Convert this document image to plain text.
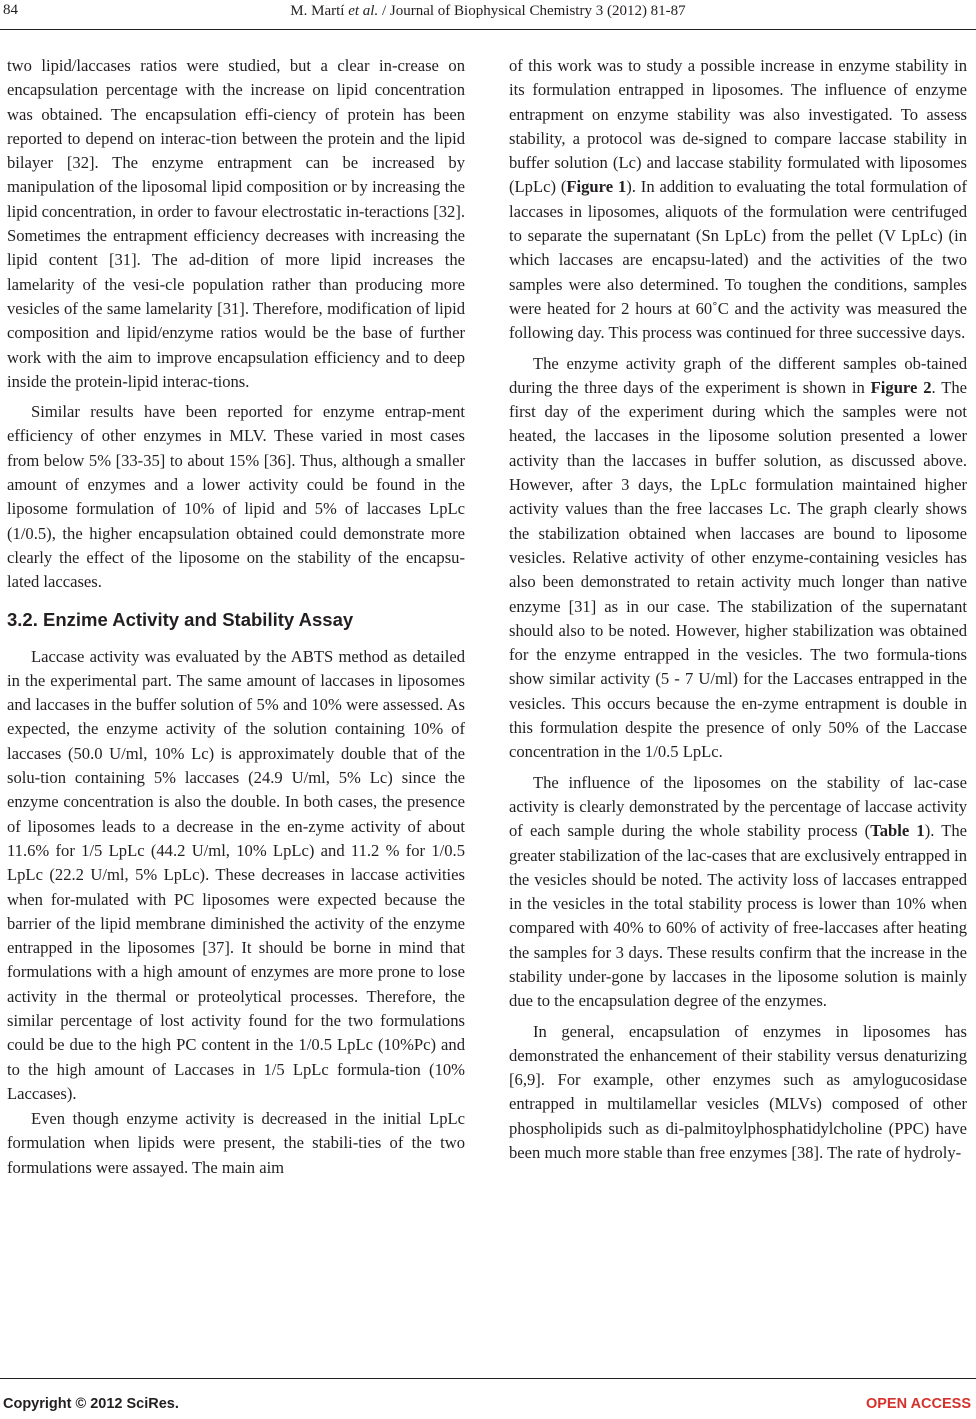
84	M. Martí et al. / Journal of Biophysical Chemistry 3 (2012) 81-87

two lipid/laccases ratios were studied, but a clear in-crease on encapsulation percentage with the increase on lipid concentration was obtained. The encapsulation effi-ciency of protein has been reported to depend on interac-tion between the protein and the lipid bilayer [32]. The enzyme entrapment can be increased by manipulation of the liposomal lipid composition or by increasing the lipid concentration, in order to favour electrostatic in-teractions [32]. Sometimes the entrapment efficiency decreases with increasing the lipid content [31]. The ad-dition of more lipid increases the lamelarity of the vesi-cle population rather than producing more vesicles of the same lamelarity [31]. Therefore, modification of lipid composition and lipid/enzyme ratios would be the base of further work with the aim to improve encapsulation efficiency and to deep inside the protein-lipid interac-tions.

Similar results have been reported for enzyme entrap-ment efficiency of other enzymes in MLV. These varied in most cases from below 5% [33-35] to about 15% [36]. Thus, although a smaller amount of enzymes and a lower activity could be found in the liposome formulation of 10% of lipid and 5% of laccases LpLc (1/0.5), the higher encapsulation obtained could demonstrate more clearly the effect of the liposome on the stability of the encapsu-lated laccases.

3.2. Enzime Activity and Stability Assay

Laccase activity was evaluated by the ABTS method as detailed in the experimental part. The same amount of laccases in liposomes and laccases in the buffer solution of 5% and 10% were assessed. As expected, the enzyme activity of the solution containing 10% of laccases (50.0 U/ml, 10% Lc) is approximately double that of the solu-tion containing 5% laccases (24.9 U/ml, 5% Lc) since the enzyme concentration is also the double. In both cases, the presence of liposomes leads to a decrease in the en-zyme activity of about 11.6% for 1/5 LpLc (44.2 U/ml, 10% LpLc) and 11.2 % for 1/0.5 LpLc (22.2 U/ml, 5% LpLc). These decreases in laccase activities when for-mulated with PC liposomes were expected because the barrier of the lipid membrane diminished the activity of the enzyme entrapped in the liposomes [37]. It should be borne in mind that formulations with a high amount of enzymes are more prone to lose activity in the thermal or proteolytical processes. Therefore, the similar percentage of lost activity found for the two formulations could be due to the high PC content in the 1/0.5 LpLc (10%Pc) and to the high amount of Laccases in 1/5 LpLc formula-tion (10% Laccases).

Even though enzyme activity is decreased in the initial LpLc formulation when lipids were present, the stabili-ties of the two formulations were assayed. The main aim

of this work was to study a possible increase in enzyme stability in its formulation entrapped in liposomes. The influence of enzyme entrapment on enzyme stability was also investigated. To assess stability, a protocol was de-signed to compare laccase stability in buffer solution (Lc) and laccase stability formulated with liposomes (LpLc) (Figure 1). In addition to evaluating the total formulation of laccases in liposomes, aliquots of the formulation were centrifuged to separate the supernatant (Sn LpLc) from the pellet (V LpLc) (in which laccases are encapsu-lated) and the activities of the two samples were also determined. To toughen the conditions, samples were heated for 2 hours at 60˚C and the activity was measured the following day. This process was continued for three successive days.

The enzyme activity graph of the different samples ob-tained during the three days of the experiment is shown in Figure 2. The first day of the experiment during which the samples were not heated, the laccases in the liposome solution presented a lower activity than the laccases in buffer solution, as discussed above. However, after 3 days, the LpLc formulation maintained higher activity values than the free laccases Lc. The graph clearly shows the stabilization obtained when laccases are bound to liposome vesicles. Relative activity of other enzyme-containing vesicles has also been demonstrated to retain activity much longer than native enzyme [31] as in our case. The stabilization of the supernatant should also to be noted. However, higher stabilization was obtained for the enzyme entrapped in the vesicles. The two formula-tions show similar activity (5 - 7 U/ml) for the Laccases entrapped in the vesicles. This occurs because the en-zyme entrapment is double in this formulation despite the presence of only 50% of the Laccase concentration in the 1/0.5 LpLc.

The influence of the liposomes on the stability of lac-case activity is clearly demonstrated by the percentage of laccase activity of each sample during the whole stability process (Table 1). The greater stabilization of the lac-cases that are exclusively entrapped in the vesicles should be noted. The activity loss of laccases entrapped in the vesicles in the total stability process is lower than 10% when compared with 40% to 60% of activity of free-laccases after heating the samples for 3 days. These results confirm that the increase in the stability under-gone by laccases in the liposome solution is mainly due to the encapsulation degree of the enzymes.

In general, encapsulation of enzymes in liposomes has demonstrated the enhancement of their stability versus denaturizing [6,9]. For example, other enzymes such as amylogucosidase entrapped in multilamellar vesicles (MLVs) composed of other phospholipids such as di-palmitoylphosphatidylcholine (PPC) have been much more stable than free enzymes [38]. The rate of hydroly-

Copyright © 2012 SciRes.	OPEN ACCESS
